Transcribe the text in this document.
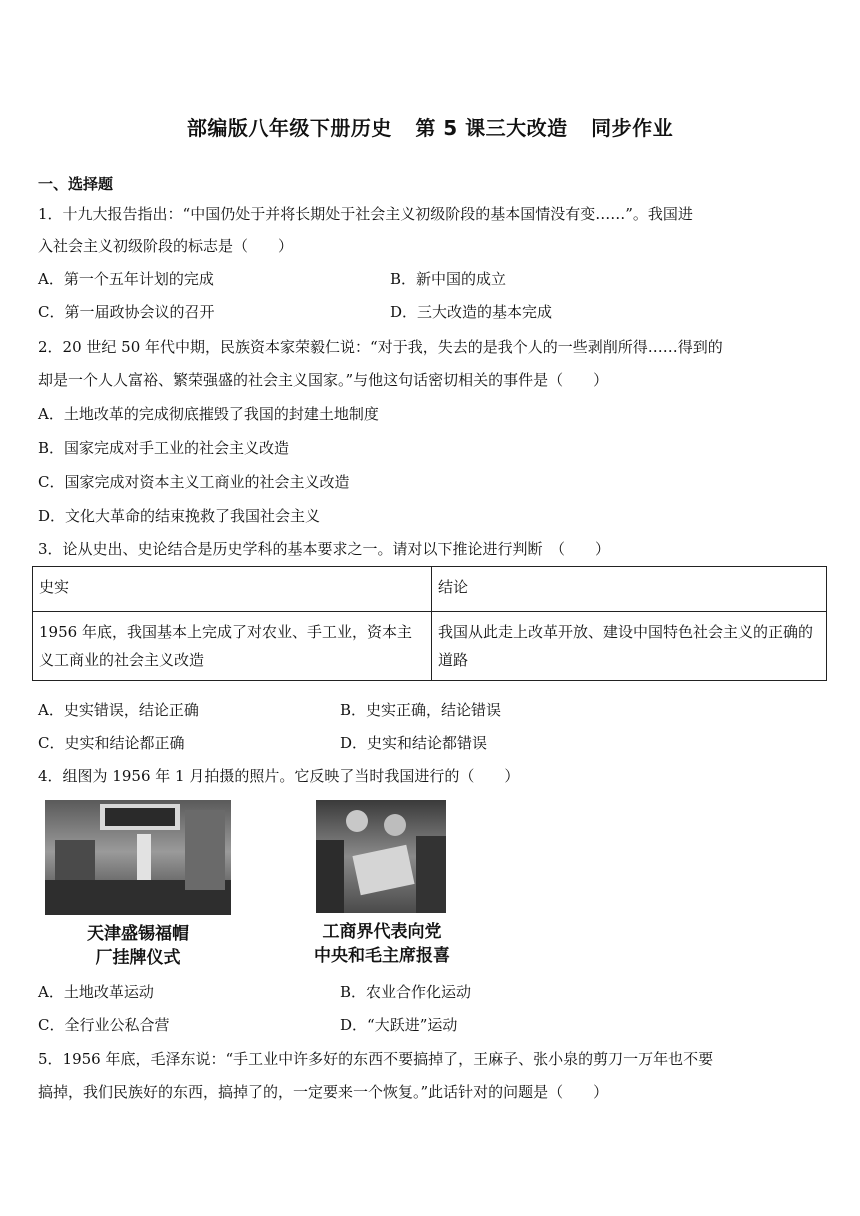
部编版八年级下册历史 第 5 课三大改造 同步作业
一、选择题
1．十九大报告指出：“中国仍处于并将长期处于社会主义初级阶段的基本国情没有变……”。我国进
入社会主义初级阶段的标志是（　　）
A．第一个五年计划的完成	B．新中国的成立
C．第一届政协会议的召开	D．三大改造的基本完成
2．20 世纪 50 年代中期，民族资本家荣毅仁说：“对于我，失去的是我个人的一些剥削所得……得到的
却是一个人人富裕、繁荣强盛的社会主义国家。”与他这句话密切相关的事件是（　　）
A．土地改革的完成彻底摧毁了我国的封建土地制度
B．国家完成对手工业的社会主义改造
C．国家完成对资本主义工商业的社会主义改造
D．文化大革命的结束挽救了我国社会主义
3．论从史出、史论结合是历史学科的基本要求之一。请对以下推论进行判断　（　　）
史实	结论
1956 年底，我国基本上完成了对农业、手工业，资本主义工商业的社会主义改造	我国从此走上改革开放、建设中国特色社会主义的正确的道路
A．史实错误，结论正确	B．史实正确，结论错误
C．史实和结论都正确	D．史实和结论都错误
4．组图为 1956 年 1 月拍摄的照片。它反映了当时我国进行的（　　）
天津盛锡福帽
厂挂牌仪式
工商界代表向党
中央和毛主席报喜
A．土地改革运动	B．农业合作化运动
C．全行业公私合营	D．“大跃进”运动
5．1956 年底，毛泽东说：“手工业中许多好的东西不要搞掉了，王麻子、张小泉的剪刀一万年也不要
搞掉，我们民族好的东西，搞掉了的，一定要来一个恢复。”此话针对的问题是（　　）
